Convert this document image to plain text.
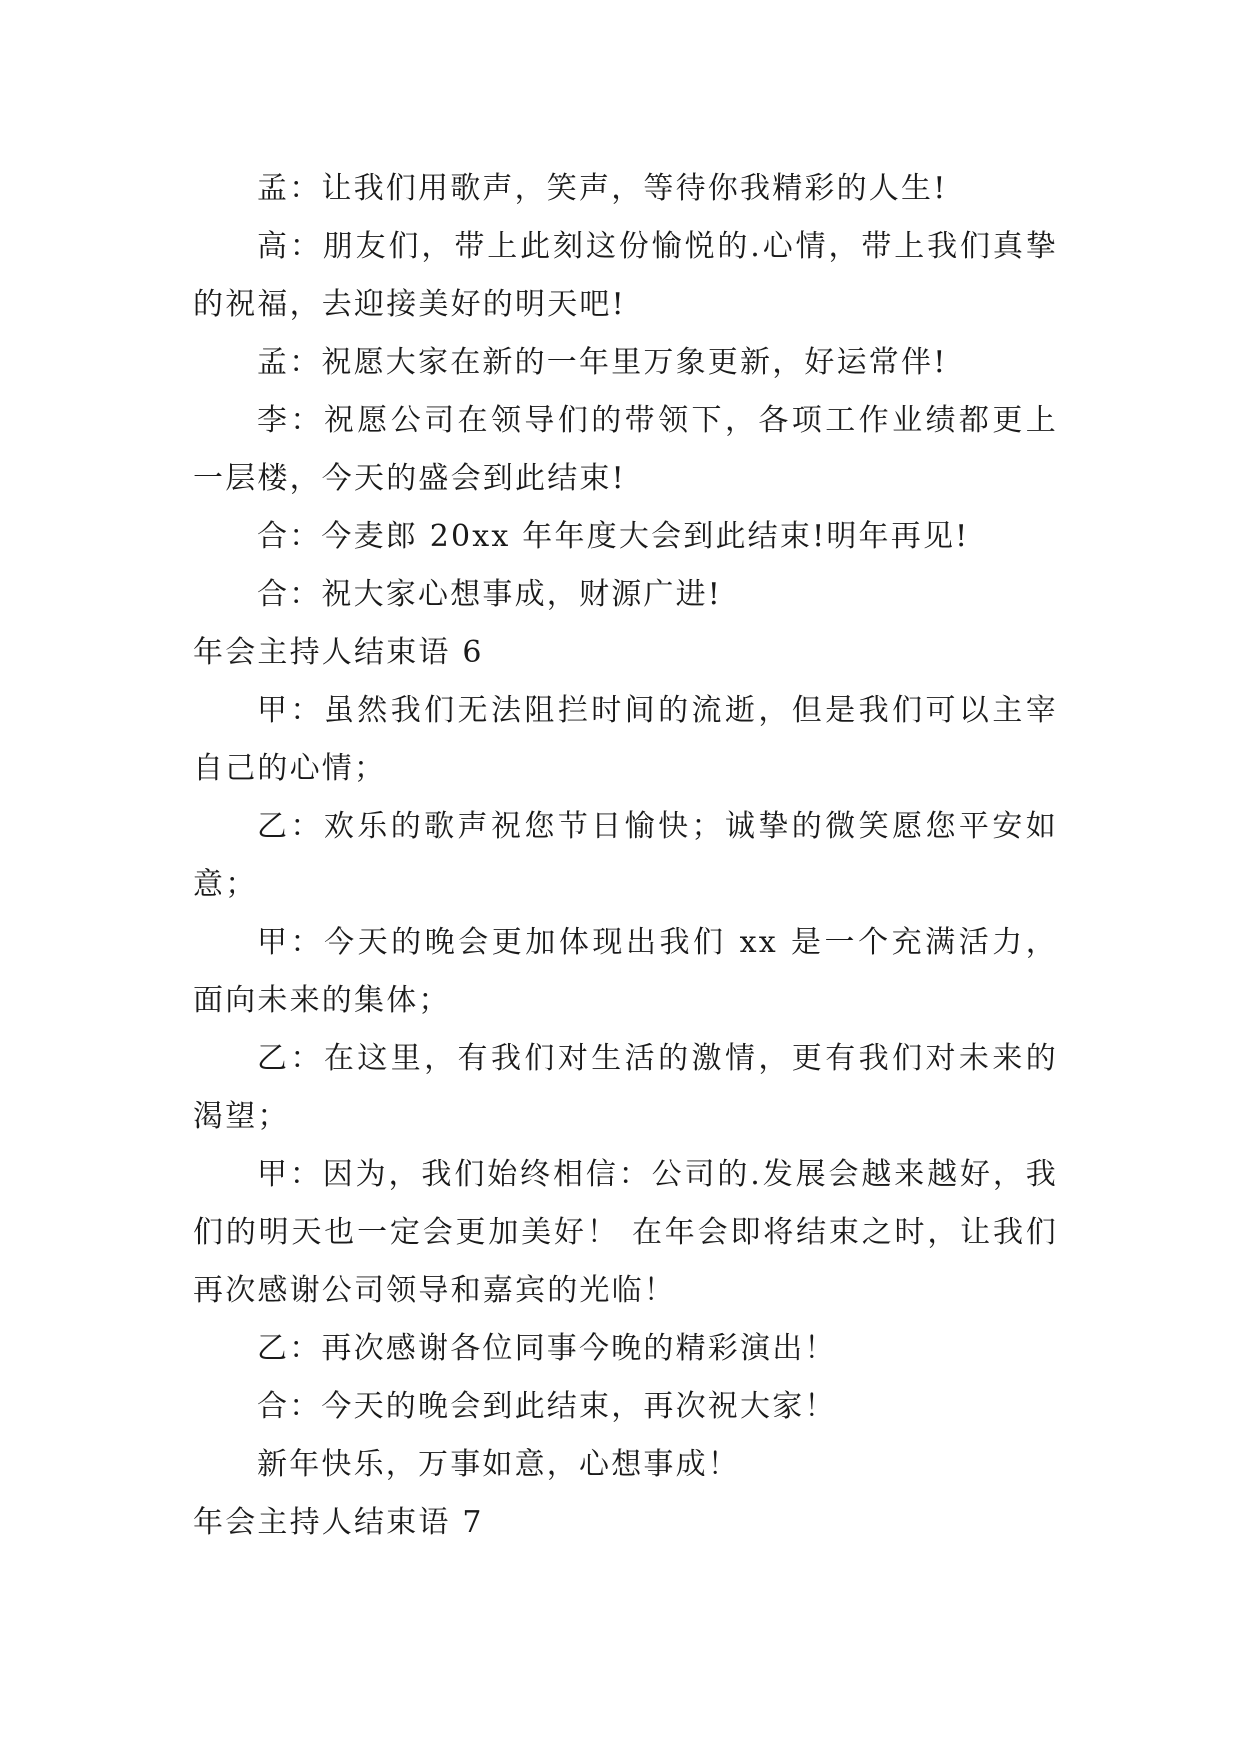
孟：让我们用歌声，笑声，等待你我精彩的人生!

高：朋友们，带上此刻这份愉悦的.心情，带上我们真挚的祝福，去迎接美好的明天吧!

孟：祝愿大家在新的一年里万象更新，好运常伴!

李：祝愿公司在领导们的带领下，各项工作业绩都更上一层楼，今天的盛会到此结束!

合：今麦郎 20xx 年年度大会到此结束!明年再见!

合：祝大家心想事成，财源广进!

年会主持人结束语 6

甲：虽然我们无法阻拦时间的流逝，但是我们可以主宰自己的心情；

乙：欢乐的歌声祝您节日愉快；诚挚的微笑愿您平安如意；

甲：今天的晚会更加体现出我们 xx 是一个充满活力，面向未来的集体；

乙：在这里，有我们对生活的激情，更有我们对未来的渴望；

甲：因为，我们始终相信：公司的.发展会越来越好，我们的明天也一定会更加美好！ 在年会即将结束之时，让我们再次感谢公司领导和嘉宾的光临！

乙：再次感谢各位同事今晚的精彩演出！

合：今天的晚会到此结束，再次祝大家！

新年快乐，万事如意，心想事成！

年会主持人结束语 7
